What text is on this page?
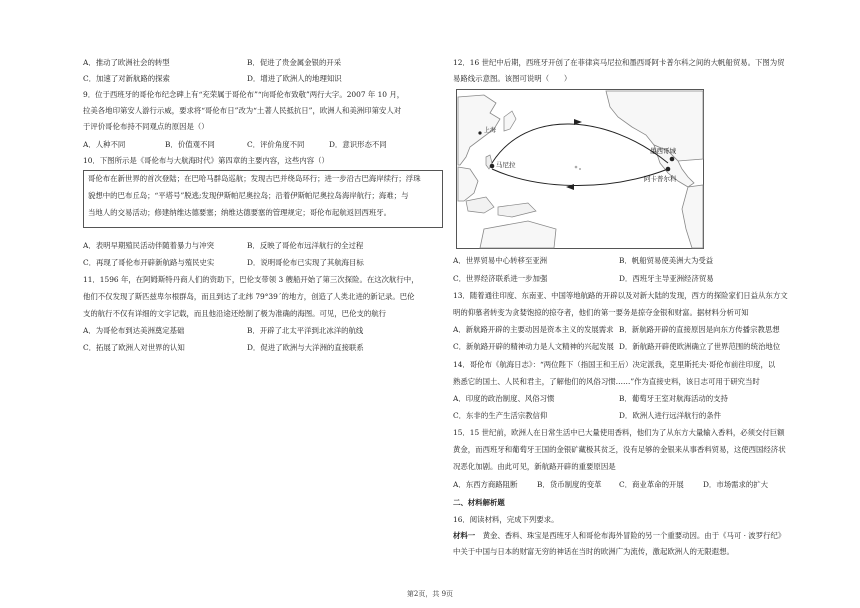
A．推动了欧洲社会的转型	B．促进了贵金属金银的开采
C．加速了对新航路的探索	D．增进了欧洲人的地理知识
9．位于西班牙的哥伦布纪念碑上有“充荣属于哥伦布”“向哥伦布致敬”两行大字。2007 年 10 月，
拉美各地印第安人游行示威，要求将“哥伦布日”改为“土著人民抵抗日”，欧洲人和美洲印第安人对
于评价哥伦布持不同观点的原因是（）
A．人种不同	B．价值观不同	C．评价角度不同	D．意识形态不同
10．下图所示是《哥伦布与大航海时代》第四章的主要内容，这些内容（）
哥伦布在新世界的首次登陆；在巴哈马群岛巡航；发现古巴并绕岛环行；进一步沿古巴海岸续行；浮珠
貌想中的巴布丘岛；“平塔号”脱逃;发现伊斯帕尼奥拉岛；沿着伊斯帕尼奥拉岛海岸航行；海难；与
当地人的交易活动；修建纳维达德要塞；纳维达德要塞的管理规定；哥伦布起航返回西班牙。
A．表明早期殖民活动伴随着暴力与冲突	B．反映了哥伦布远洋航行的全过程
C．再现了哥伦布开辟新航路与殖民史实	D．说明哥伦布已实现了其航海目标
11．1596 年，在阿姆斯特丹商人们的资助下，巴伦支带领 3 艘船开始了第三次探险。在这次航行中，
他们不仅发现了斯匹兹卑尔根群岛，而且到达了北纬 79°39´的地方，创造了人类北进的新记录。巴伦
支的航行不仅有详细的文字记载，而且他沿途还绘制了极为准确的海图。可见，巴伦支的航行
A．为哥伦布到达美洲奠定基础	B．开辟了北太平洋到北冰洋的航线
C．拓展了欧洲人对世界的认知	D．促进了欧洲与大洋洲的直接联系
12．16 世纪中后期，西班牙开创了在菲律宾马尼拉和墨西哥阿卡普尔科之间的大帆船贸易。下图为贸
易路线示意图。该图可说明（　　）
马尼拉
墨西哥城
阿卡普尔科
上海
A．世界贸易中心转移至亚洲	B．帆船贸易使美洲大为受益
C．世界经济联系进一步加强	D．西班牙主导亚洲经济贸易
13．随着通往印度、东南亚、中国等地航路的开辟以及对新大陆的发现，西方的探险家们日益从东方文
明的仰慕者转变为贪婪饱掠的掠夺者，他们的第一要务是掠夺金银和财富。据材料分析可知
A．新航路开辟的主要动因是资本主义的发展需求 B．新航路开辟的直接原因是向东方传播宗教思想
C．新航路开辟的精神动力是人文精神的兴起发展 D．新航路开辟使欧洲确立了世界范围的统治地位
14．哥伦布《航海日志》：“两位陛下（指国王和王后）决定派我，克里斯托夫·哥伦布前往印度，以
熟悉它的国土、人民和君主，了解他们的风俗习惯……”作为直接史料，该日志可用于研究当时
A．印度的政治制度、风俗习惯	B．葡萄牙王室对航海活动的支持
C．东非的生产生活宗教信仰	D．欧洲人进行远洋航行的条件
15．15 世纪前，欧洲人在日常生活中已大量使用香料，他们为了从东方大量输入香料，必须交付巨额
黄金，而西班牙和葡萄牙王国的金银矿藏极其贫乏，没有足够的金银来从事香料贸易，这使西国经济状
况恶化加剧。由此可见，新航路开辟的重要原因是
A．东西方商路阻断	B．货币制度的变革 C．商业革命的开展	D．市场需求的扩大
二、材料解析题
16．阅读材料，完成下列要求。
材料一　黄金、香料、珠宝是西班牙人和哥伦布海外冒险的另一个重要动因。由于《马可 · 波罗行纪》
中关于中国与日本的财富无穷的神话在当时的欧洲广为流传，激起欧洲人的无限遐想。
第2页，共 9页
